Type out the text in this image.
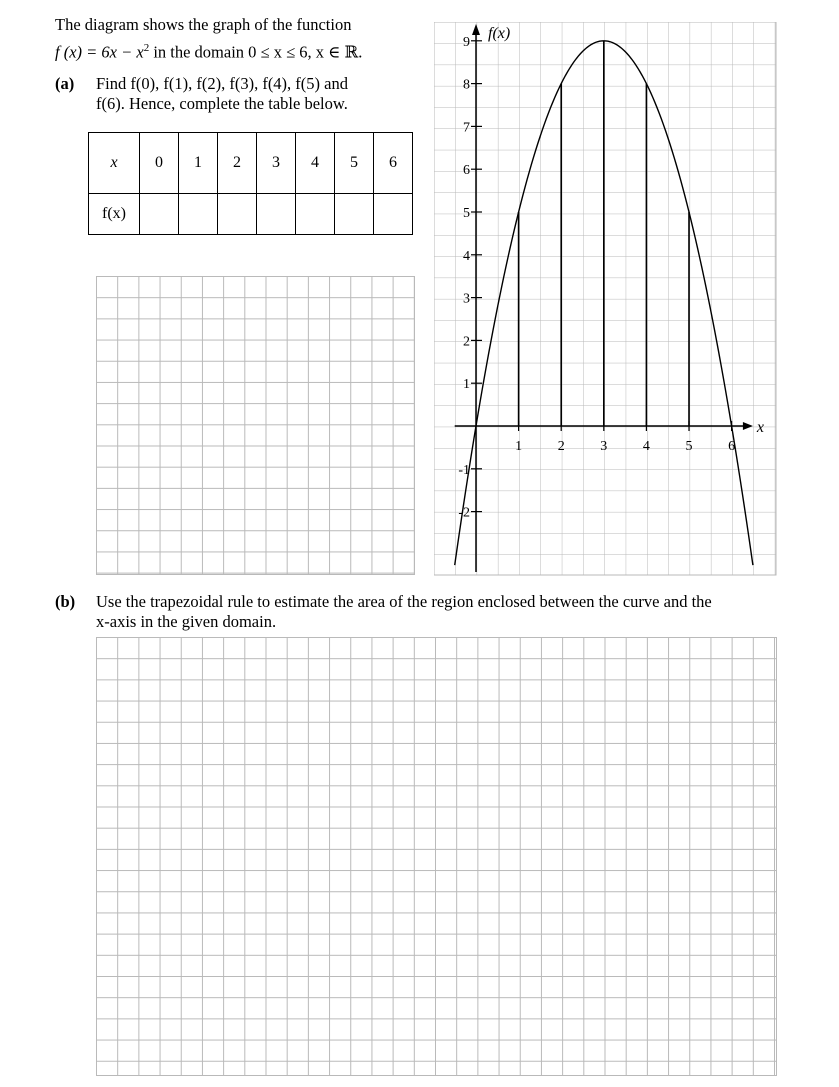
The diagram shows the graph of the function
f $(x) = 6x - x^2$ in the domain 0 ≤ x ≤ 6, x ∈ ℝ.
(a) Find f(0), f(1), f(2), f(3), f(4), f(5) and
f(6). Hence, complete the table below.
x	0	1	2	3	4	5	6
f(x)							
-2
-1
1
2
3
4
5
6
7
8
9
1	2	3	4	5	6
f(x)
x
(b) Use the trapezoidal rule to estimate the area of the region enclosed between the curve and the
x-axis in the given domain.
